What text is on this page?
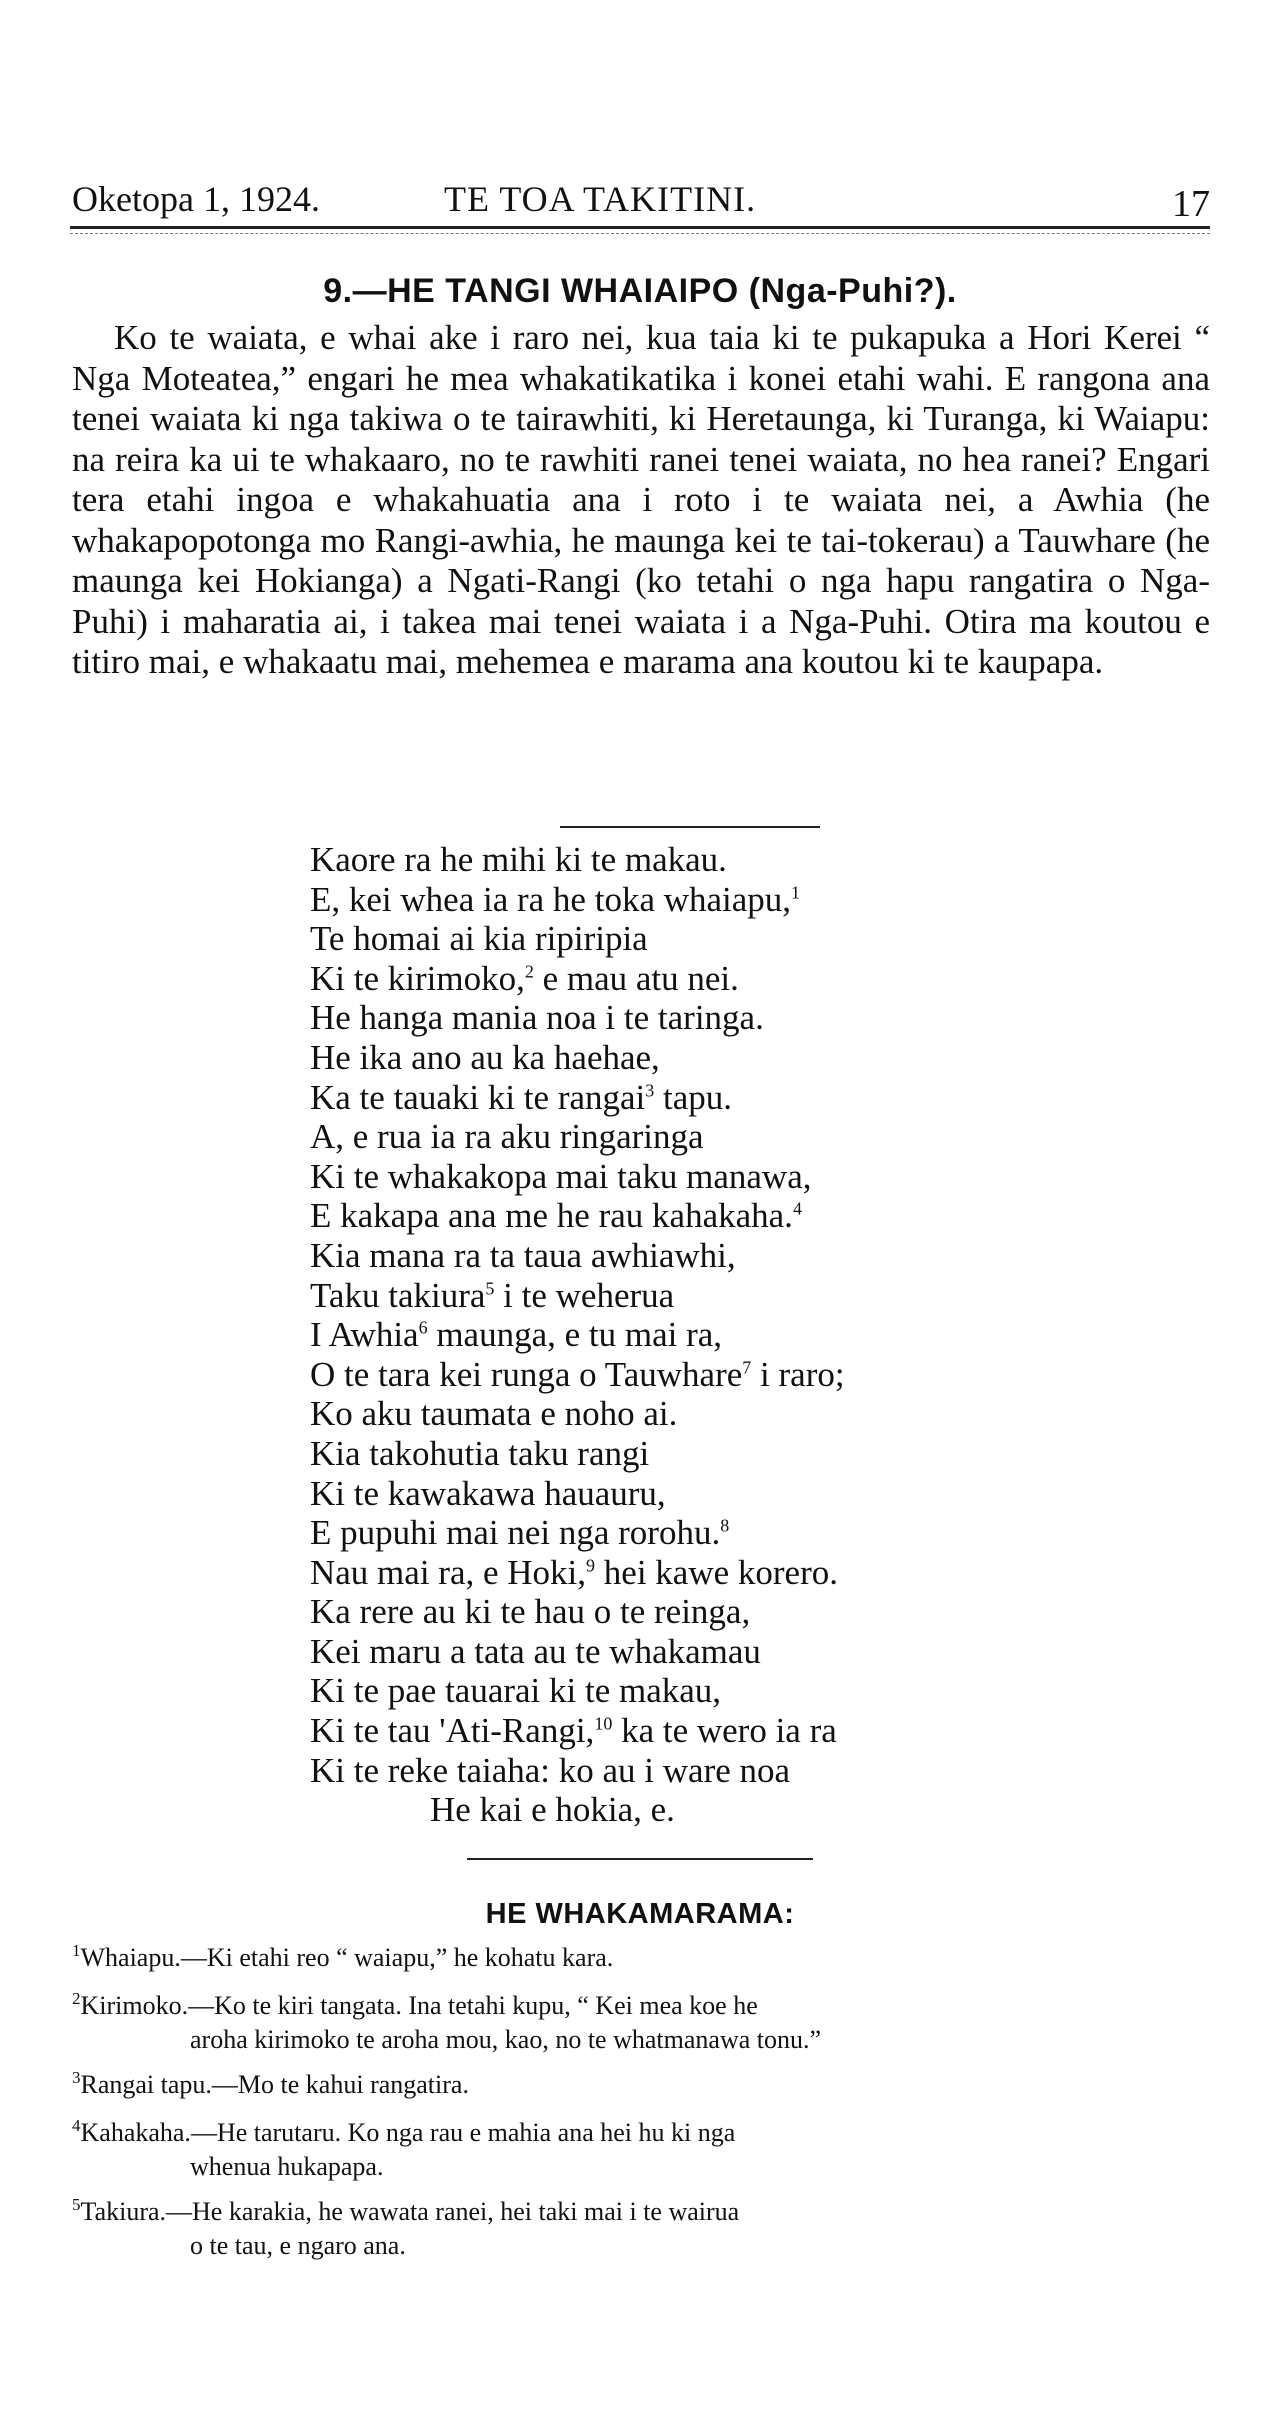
Oketopa 1, 1924.	TE TOA TAKITINI.	17
9.—HE TANGI WHAIAIPO (Nga-Puhi?).

Ko te waiata, e whai ake i raro nei, kua taia ki te pukapuka a Hori Kerei “ Nga Moteatea,” engari he mea whakatikatika i konei etahi wahi. E rangona ana tenei waiata ki nga takiwa o te tairawhiti, ki Heretaunga, ki Turanga, ki Waiapu: na reira ka ui te whakaaro, no te rawhiti ranei tenei waiata, no hea ranei? Engari tera etahi ingoa e whakahuatia ana i roto i te waiata nei, a Awhia (he whakapopotonga mo Rangi-awhia, he maunga kei te tai-tokerau) a Tauwhare (he maunga kei Hokianga) a Ngati-Rangi (ko tetahi o nga hapu rangatira o Nga-Puhi) i maharatia ai, i takea mai tenei waiata i a Nga-Puhi. Otira ma koutou e titiro mai, e whakaatu mai, mehemea e marama ana koutou ki te kaupapa.

Kaore ra he mihi ki te makau.
E, kei whea ia ra he toka whaiapu,$^1$
Te homai ai kia ripiripia
Ki te kirimoko,$^2$ e mau atu nei.
He hanga mania noa i te taringa.
He ika ano au ka haehae,
Ka te tauaki ki te rangai$^3$ tapu.
A, e rua ia ra aku ringaringa
Ki te whakakopa mai taku manawa,
E kakapa ana me he rau kahakaha.$^4$
Kia mana ra ta taua awhiawhi,
Taku takiura$^5$ i te weherua
I Awhia$^6$ maunga, e tu mai ra,
O te tara kei runga o Tauwhare$^7$ i raro;
Ko aku taumata e noho ai.
Kia takohutia taku rangi
Ki te kawakawa hauauru,
E pupuhi mai nei nga rorohu.$^8$
Nau mai ra, e Hoki,$^9$ hei kawe korero.
Ka rere au ki te hau o te reinga,
Kei maru a tata au te whakamau
Ki te pae tauarai ki te makau,
Ki te tau 'Ati-Rangi,$^{10}$ ka te wero ia ra
Ki te reke taiaha: ko au i ware noa
He kai e hokia, e.
HE WHAKAMARAMA:
$^1$Whaiapu.—Ki etahi reo “ waiapu,” he kohatu kara.
$^2$Kirimoko.—Ko te kiri tangata. Ina tetahi kupu, “ Kei mea koe he
aroha kirimoko te aroha mou, kao, no te whatmanawa tonu.”
$^3$Rangai tapu.—Mo te kahui rangatira.
$^4$Kahakaha.—He tarutaru. Ko nga rau e mahia ana hei hu ki nga
whenua hukapapa.
$^5$Takiura.—He karakia, he wawata ranei, hei taki mai i te wairua
o te tau, e ngaro ana.
